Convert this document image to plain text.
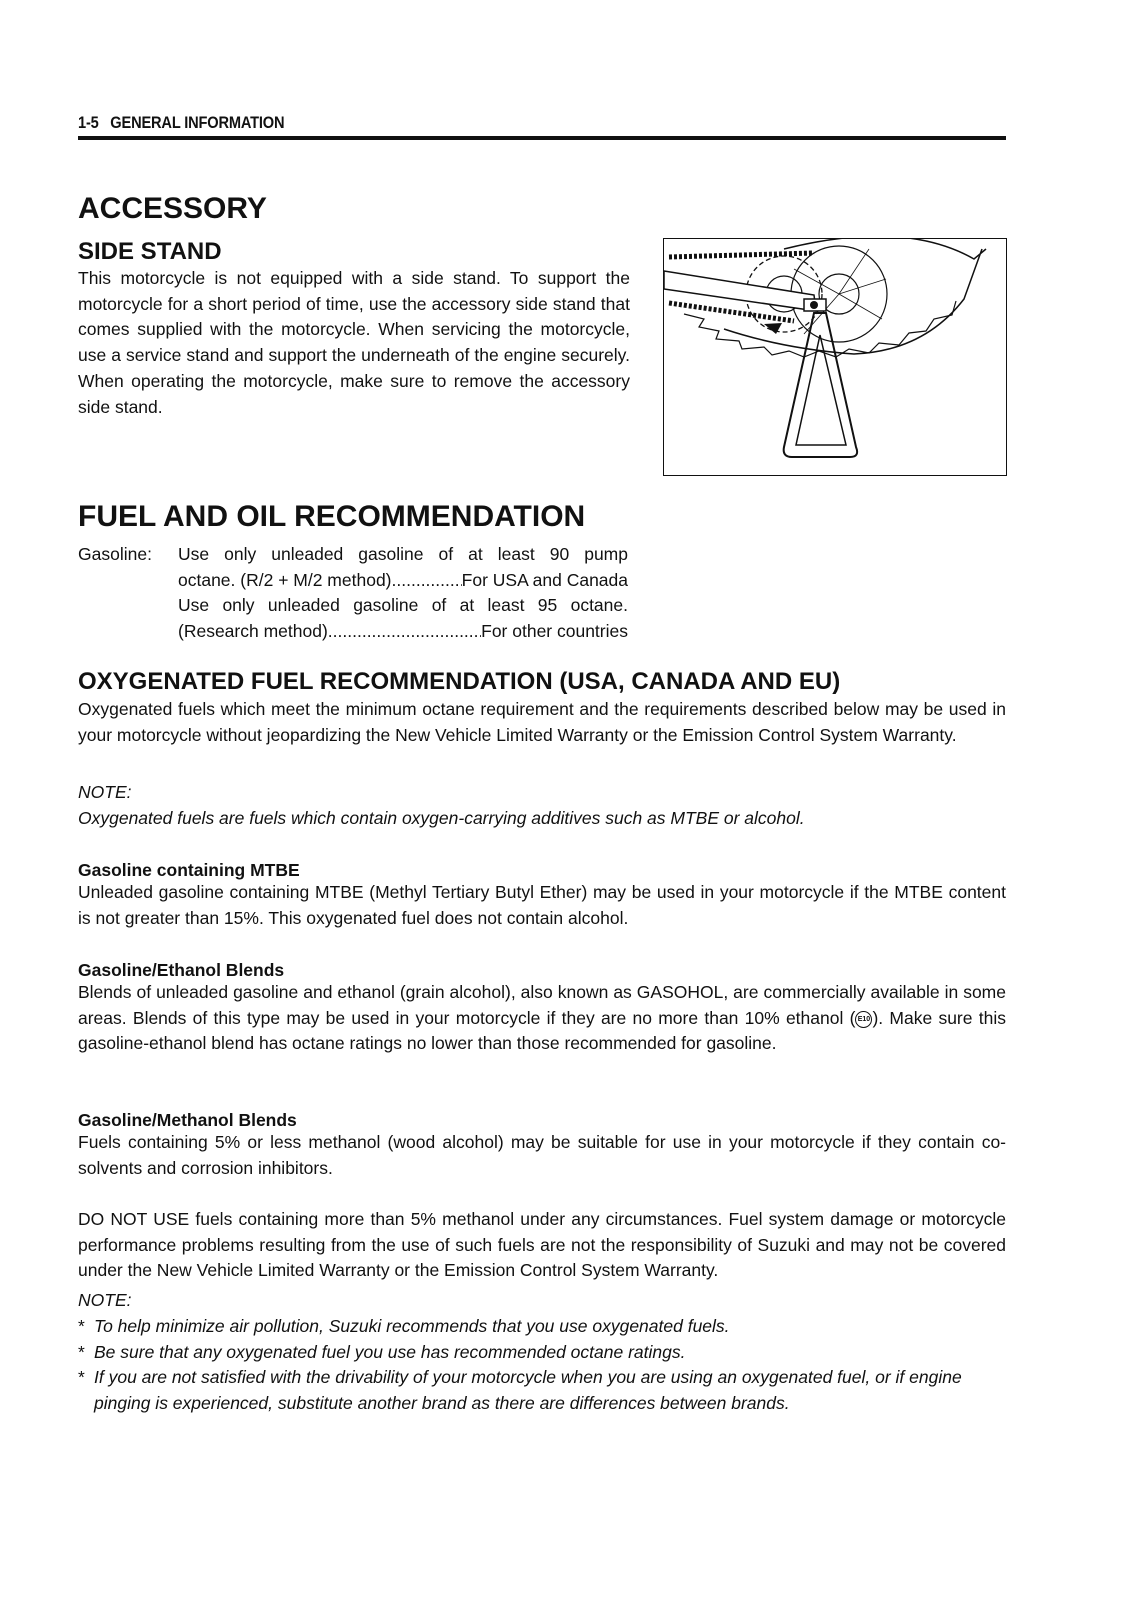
1-5 GENERAL INFORMATION
ACCESSORY
SIDE STAND

This motorcycle is not equipped with a side stand. To support the motorcycle for a short period of time, use the accessory side stand that comes supplied with the motorcycle. When servicing the motorcycle, use a service stand and support the underneath of the engine securely. When operating the motorcycle, make sure to remove the accessory side stand.

FUEL AND OIL RECOMMENDATION
Gasoline: Use only unleaded gasoline of at least 90 pump
octane. (R/2 + M/2 method) .....	For USA and Canada
Use only unleaded gasoline of at least 95 octane.
(Research method) .....	For other countries
OXYGENATED FUEL RECOMMENDATION (USA, CANADA AND EU)

Oxygenated fuels which meet the minimum octane requirement and the requirements described below may be used in your motorcycle without jeopardizing the New Vehicle Limited Warranty or the Emission Control System Warranty.

NOTE:

Oxygenated fuels are fuels which contain oxygen-carrying additives such as MTBE or alcohol.

Gasoline containing MTBE

Unleaded gasoline containing MTBE (Methyl Tertiary Butyl Ether) may be used in your motorcycle if the MTBE content is not greater than 15%. This oxygenated fuel does not contain alcohol.

Gasoline/Ethanol Blends

Blends of unleaded gasoline and ethanol (grain alcohol), also known as GASOHOL, are commercially available in some areas. Blends of this type may be used in your motorcycle if they are no more than 10% ethanol ( E10 ). Make sure this gasoline-ethanol blend has octane ratings no lower than those recommended for gasoline.

Gasoline/Methanol Blends

Fuels containing 5% or less methanol (wood alcohol) may be suitable for use in your motorcycle if they contain co-solvents and corrosion inhibitors.

DO NOT USE fuels containing more than 5% methanol under any circumstances. Fuel system damage or motorcycle performance problems resulting from the use of such fuels are not the responsibility of Suzuki and may not be covered under the New Vehicle Limited Warranty or the Emission Control System Warranty.

NOTE:

* To help minimize air pollution, Suzuki recommends that you use oxygenated fuels.
* Be sure that any oxygenated fuel you use has recommended octane ratings.
* If you are not satisfied with the drivability of your motorcycle when you are using an oxygenated fuel, or if engine pinging is experienced, substitute another brand as there are differences between brands.
